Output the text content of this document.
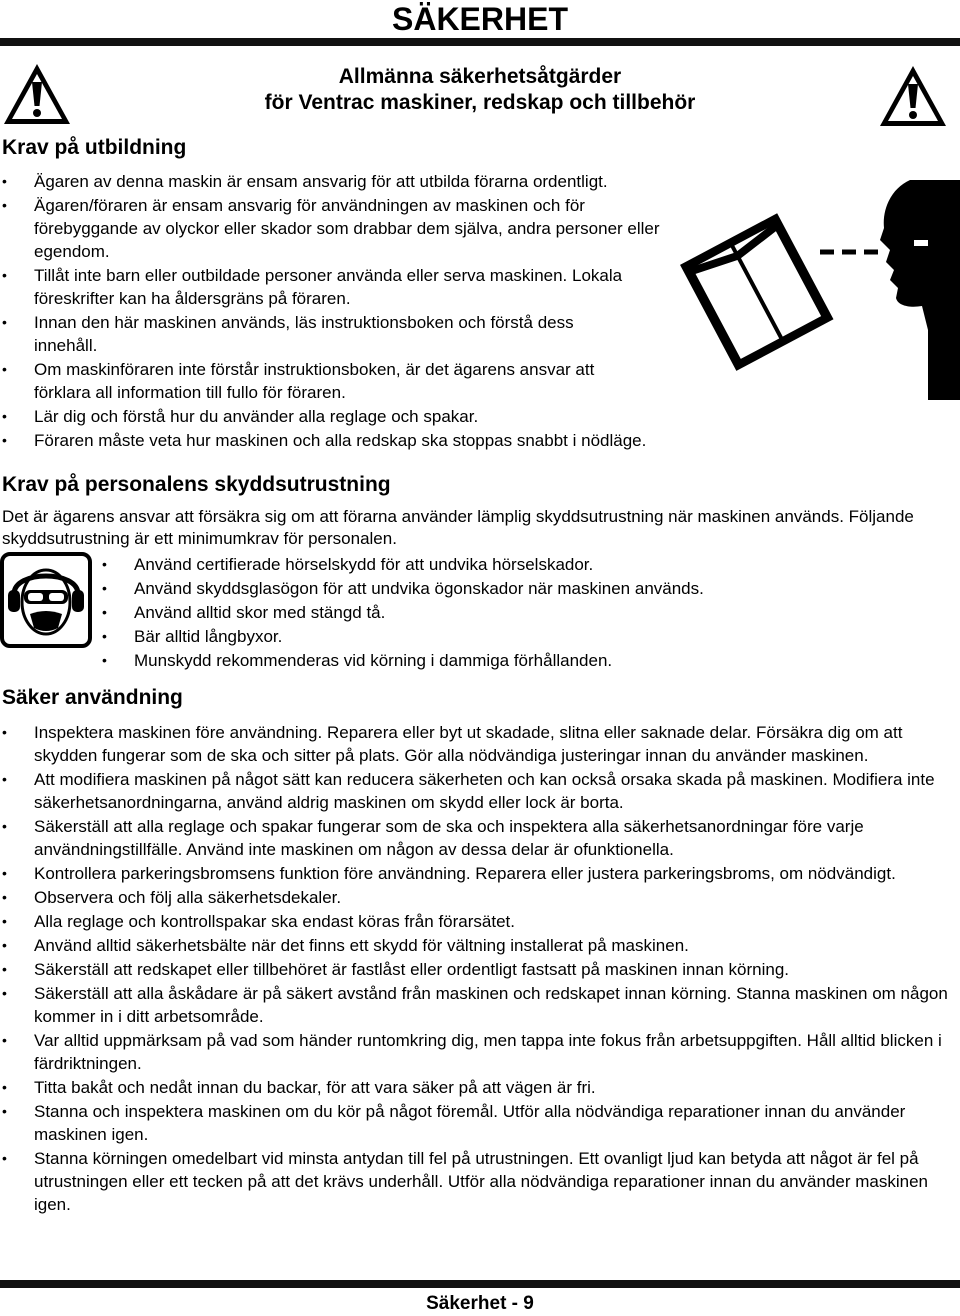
SÄKERHET
Allmänna säkerhetsåtgärder
för Ventrac maskiner, redskap och tillbehör
Krav på utbildning
• Ägaren av denna maskin är ensam ansvarig för att utbilda förarna ordentligt.
• Ägaren/föraren är ensam ansvarig för användningen av maskinen och för förebyggande av olyckor eller skador som drabbar dem själva, andra personer eller egendom.
• Tillåt inte barn eller outbildade personer använda eller serva maskinen. Lokala föreskrifter kan ha åldersgräns på föraren.
• Innan den här maskinen används, läs instruktionsboken och förstå dess innehåll.
• Om maskinföraren inte förstår instruktionsboken, är det ägarens ansvar att förklara all information till fullo för föraren.
• Lär dig och förstå hur du använder alla reglage och spakar.
• Föraren måste veta hur maskinen och alla redskap ska stoppas snabbt i nödläge.
Krav på personalens skyddsutrustning
Det är ägarens ansvar att försäkra sig om att förarna använder lämplig skyddsutrustning när maskinen används. Följande skyddsutrustning är ett minimumkrav för personalen.
• Använd certifierade hörselskydd för att undvika hörselskador.
• Använd skyddsglasögon för att undvika ögonskador när maskinen används.
• Använd alltid skor med stängd tå.
• Bär alltid långbyxor.
• Munskydd rekommenderas vid körning i dammiga förhållanden.
Säker användning
• Inspektera maskinen före användning. Reparera eller byt ut skadade, slitna eller saknade delar. Försäkra dig om att skydden fungerar som de ska och sitter på plats. Gör alla nödvändiga justeringar innan du använder maskinen.
• Att modifiera maskinen på något sätt kan reducera säkerheten och kan också orsaka skada på maskinen. Modifiera inte säkerhetsanordningarna, använd aldrig maskinen om skydd eller lock är borta.
• Säkerställ att alla reglage och spakar fungerar som de ska och inspektera alla säkerhetsanordningar före varje användningstillfälle. Använd inte maskinen om någon av dessa delar är ofunktionella.
• Kontrollera parkeringsbromsens funktion före användning. Reparera eller justera parkeringsbroms, om nödvändigt.
• Observera och följ alla säkerhetsdekaler.
• Alla reglage och kontrollspakar ska endast köras från förarsätet.
• Använd alltid säkerhetsbälte när det finns ett skydd för vältning installerat på maskinen.
• Säkerställ att redskapet eller tillbehöret är fastlåst eller ordentligt fastsatt på maskinen innan körning.
• Säkerställ att alla åskådare är på säkert avstånd från maskinen och redskapet innan körning. Stanna maskinen om någon kommer in i ditt arbetsområde.
• Var alltid uppmärksam på vad som händer runtomkring dig, men tappa inte fokus från arbetsuppgiften. Håll alltid blicken i färdriktningen.
• Titta bakåt och nedåt innan du backar, för att vara säker på att vägen är fri.
• Stanna och inspektera maskinen om du kör på något föremål. Utför alla nödvändiga reparationer innan du använder maskinen igen.
• Stanna körningen omedelbart vid minsta antydan till fel på utrustningen. Ett ovanligt ljud kan betyda att något är fel på utrustningen eller ett tecken på att det krävs underhåll. Utför alla nödvändiga reparationer innan du använder maskinen igen.
Säkerhet - 9
